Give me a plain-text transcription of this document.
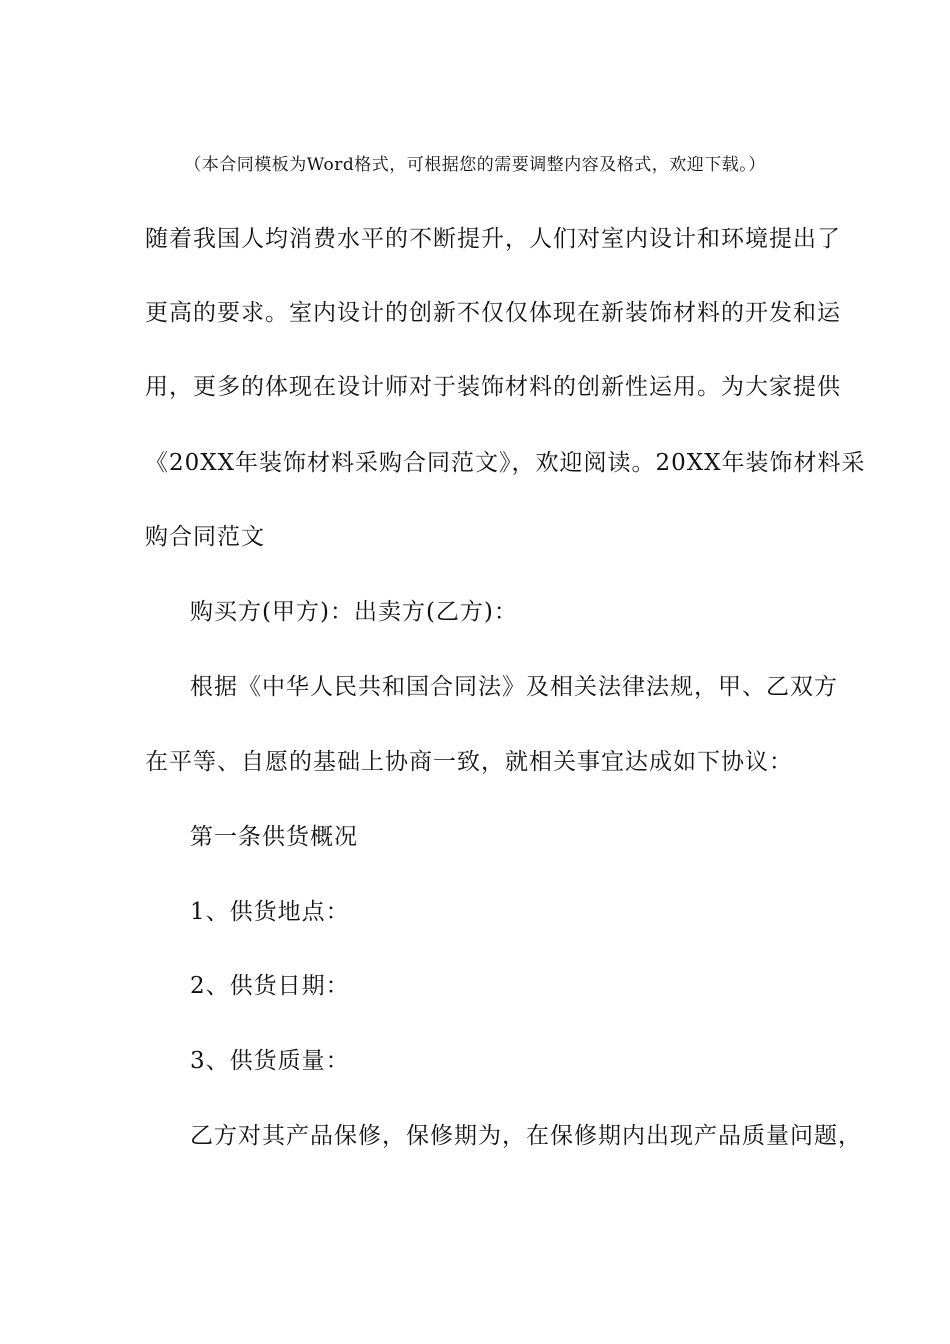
（本合同模板为Word格式，可根据您的需要调整内容及格式，欢迎下载。）
随着我国人均消费水平的不断提升，人们对室内设计和环境提出了
更高的要求。室内设计的创新不仅仅体现在新装饰材料的开发和运
用，更多的体现在设计师对于装饰材料的创新性运用。为大家提供
《20XX年装饰材料采购合同范文》，欢迎阅读。20XX年装饰材料采
购合同范文
购买方(甲方)：出卖方(乙方)：
根据《中华人民共和国合同法》及相关法律法规，甲、乙双方
在平等、自愿的基础上协商一致，就相关事宜达成如下协议：
第一条供货概况
1、供货地点：
2、供货日期：
3、供货质量：
乙方对其产品保修，保修期为，在保修期内出现产品质量问题，
